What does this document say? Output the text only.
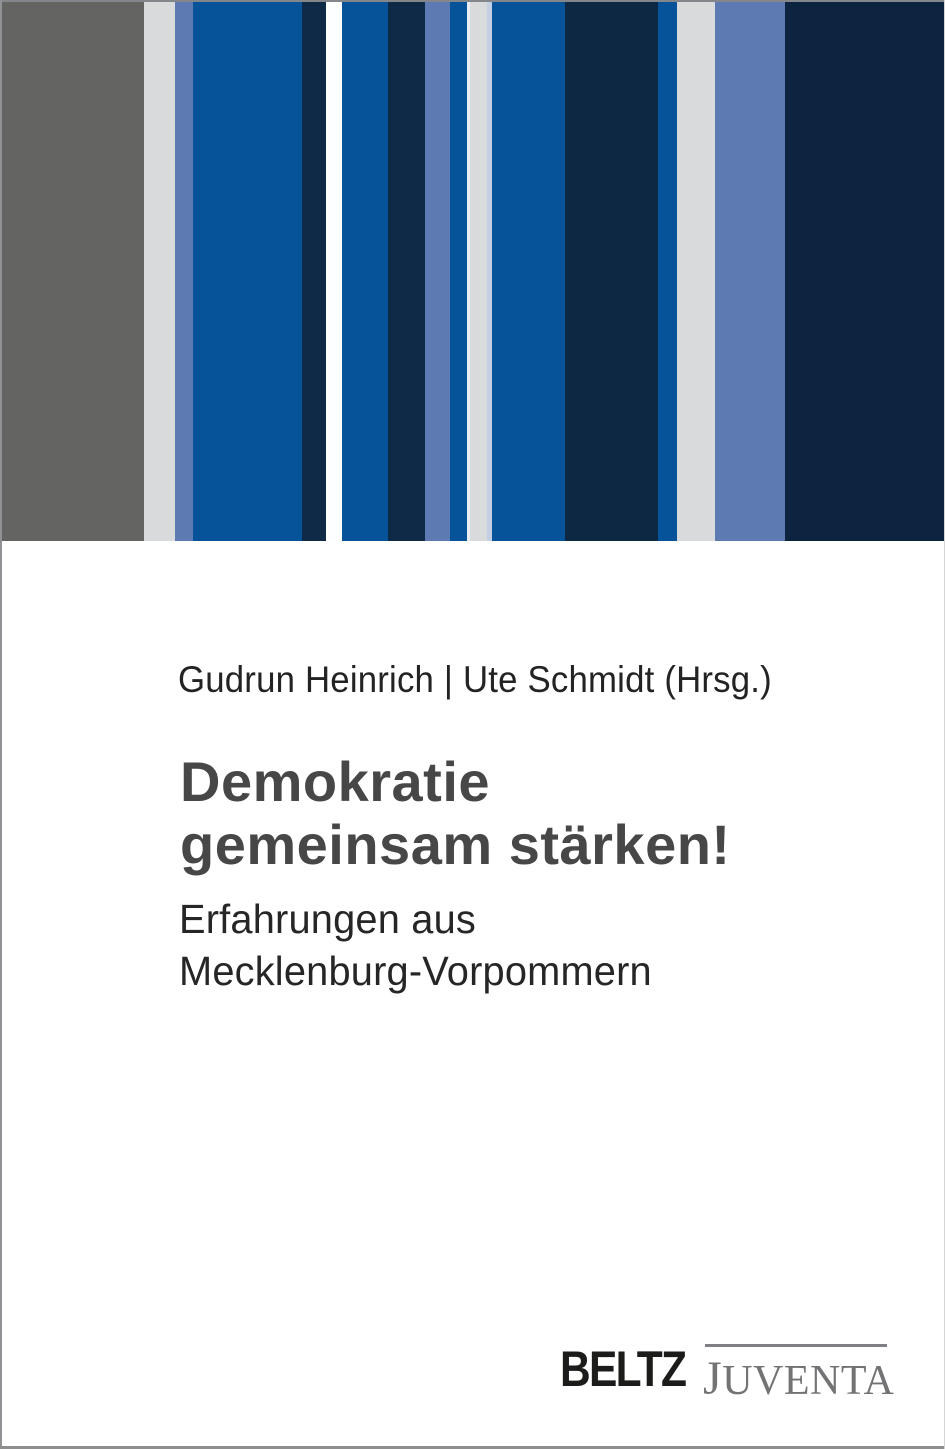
Gudrun Heinrich | Ute Schmidt (Hrsg.)
Demokratie
gemeinsam stärken!
Erfahrungen aus
Mecklenburg-Vorpommern
BELTZ JUVENTA
